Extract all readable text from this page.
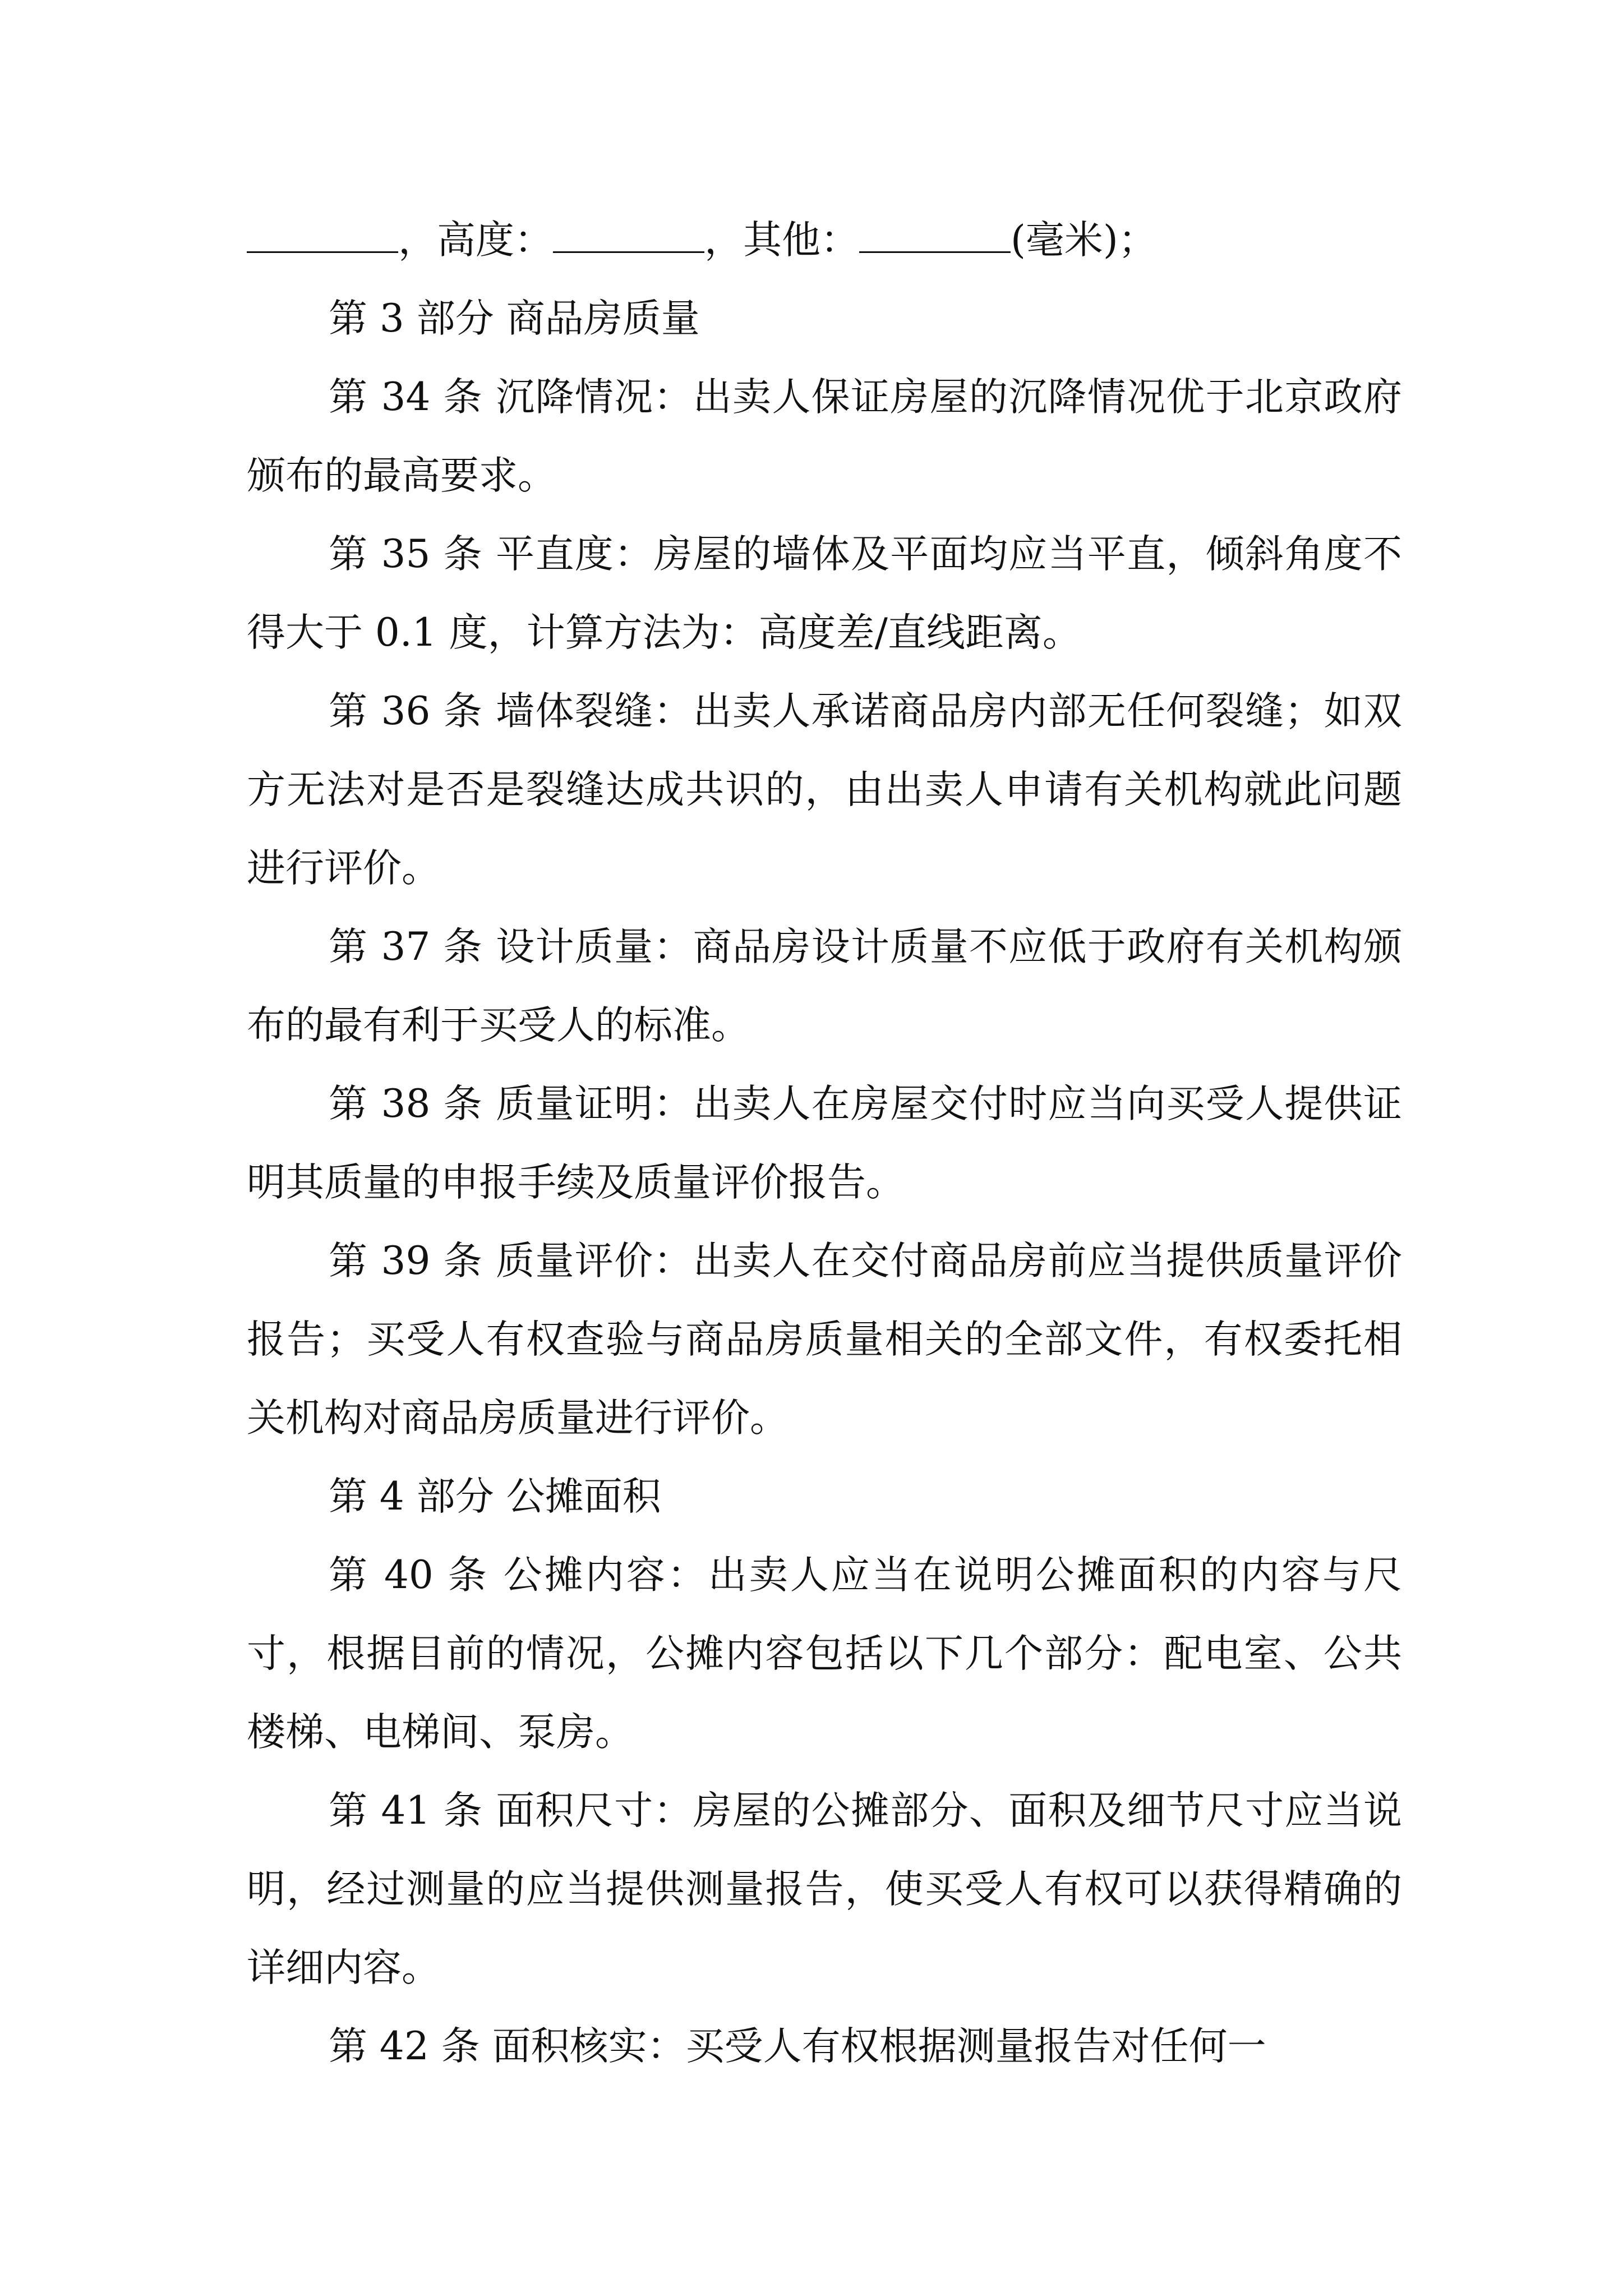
，高度：	，其他：	(毫米)；

第 3 部分 商品房质量

第 34 条 沉降情况：出卖人保证房屋的沉降情况优于北京政府颁布的最高要求。

第 35 条 平直度：房屋的墙体及平面均应当平直，倾斜角度不得大于 0.1 度，计算方法为：高度差/直线距离。

第 36 条 墙体裂缝：出卖人承诺商品房内部无任何裂缝；如双方无法对是否是裂缝达成共识的，由出卖人申请有关机构就此问题进行评价。

第 37 条 设计质量：商品房设计质量不应低于政府有关机构颁布的最有利于买受人的标准。

第 38 条 质量证明：出卖人在房屋交付时应当向买受人提供证明其质量的申报手续及质量评价报告。

第 39 条 质量评价：出卖人在交付商品房前应当提供质量评价报告；买受人有权查验与商品房质量相关的全部文件，有权委托相关机构对商品房质量进行评价。

第 4 部分 公摊面积

第 40 条 公摊内容：出卖人应当在说明公摊面积的内容与尺寸，根据目前的情况，公摊内容包括以下几个部分：配电室、公共楼梯、电梯间、泵房。

第 41 条 面积尺寸：房屋的公摊部分、面积及细节尺寸应当说明，经过测量的应当提供测量报告，使买受人有权可以获得精确的详细内容。

第 42 条 面积核实：买受人有权根据测量报告对任何一
